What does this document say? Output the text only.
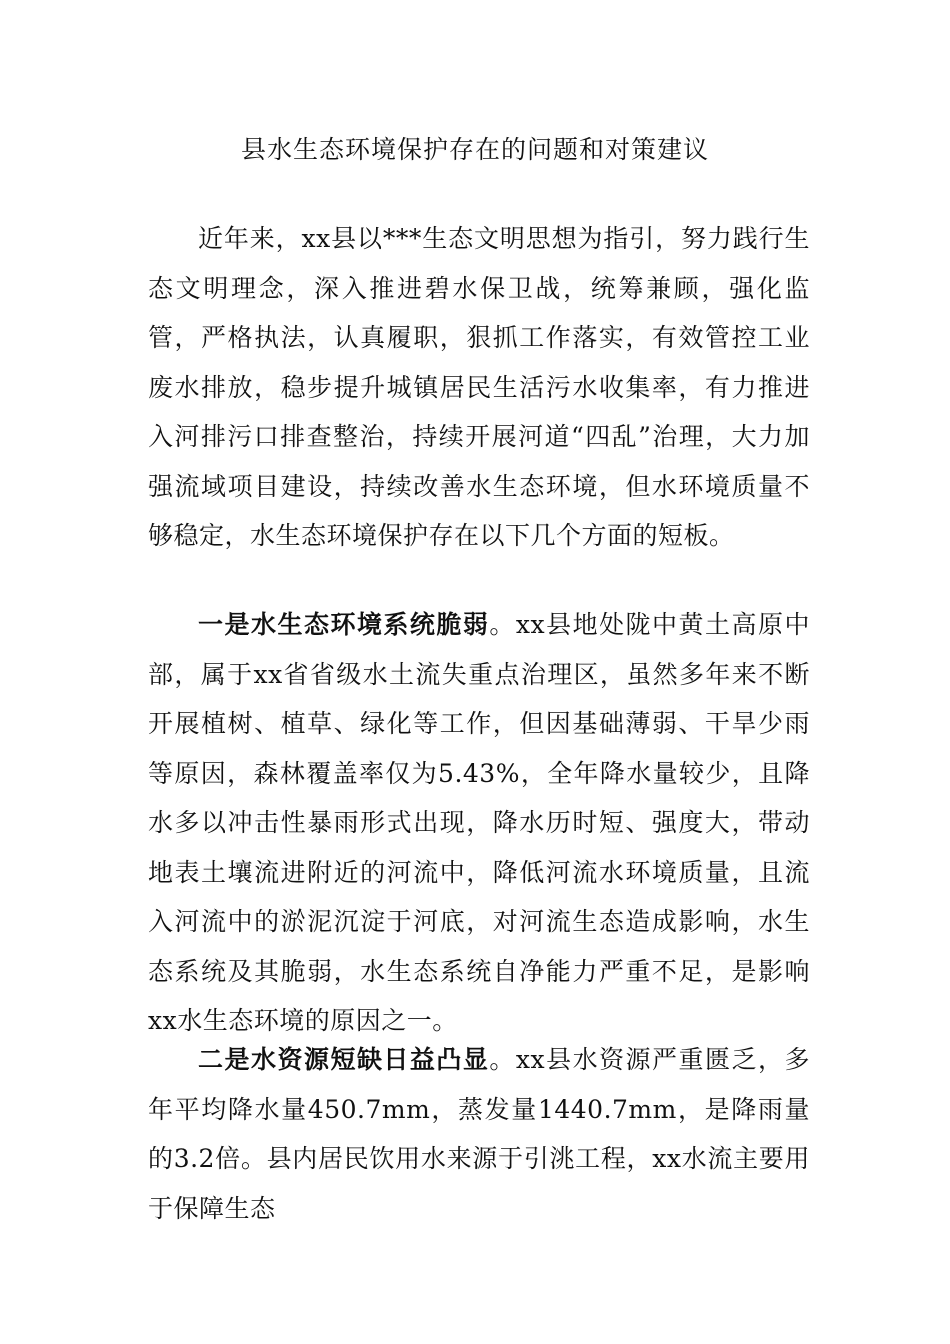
县水生态环境保护存在的问题和对策建议

近年来，xx县以***生态文明思想为指引，努力践行生态文明理念，深入推进碧水保卫战，统筹兼顾，强化监管，严格执法，认真履职，狠抓工作落实，有效管控工业废水排放，稳步提升城镇居民生活污水收集率，有力推进入河排污口排查整治，持续开展河道“四乱”治理，大力加强流域项目建设，持续改善水生态环境，但水环境质量不够稳定，水生态环境保护存在以下几个方面的短板。

一是水生态环境系统脆弱。xx县地处陇中黄土高原中部，属于xx省省级水土流失重点治理区，虽然多年来不断开展植树、植草、绿化等工作，但因基础薄弱、干旱少雨等原因，森林覆盖率仅为5.43%，全年降水量较少，且降水多以冲击性暴雨形式出现，降水历时短、强度大，带动地表土壤流进附近的河流中，降低河流水环境质量，且流入河流中的淤泥沉淀于河底，对河流生态造成影响，水生态系统及其脆弱，水生态系统自净能力严重不足，是影响xx水生态环境的原因之一。

二是水资源短缺日益凸显。xx县水资源严重匮乏，多年平均降水量450.7mm，蒸发量1440.7mm，是降雨量的3.2倍。县内居民饮用水来源于引洮工程，xx水流主要用于保障生态
